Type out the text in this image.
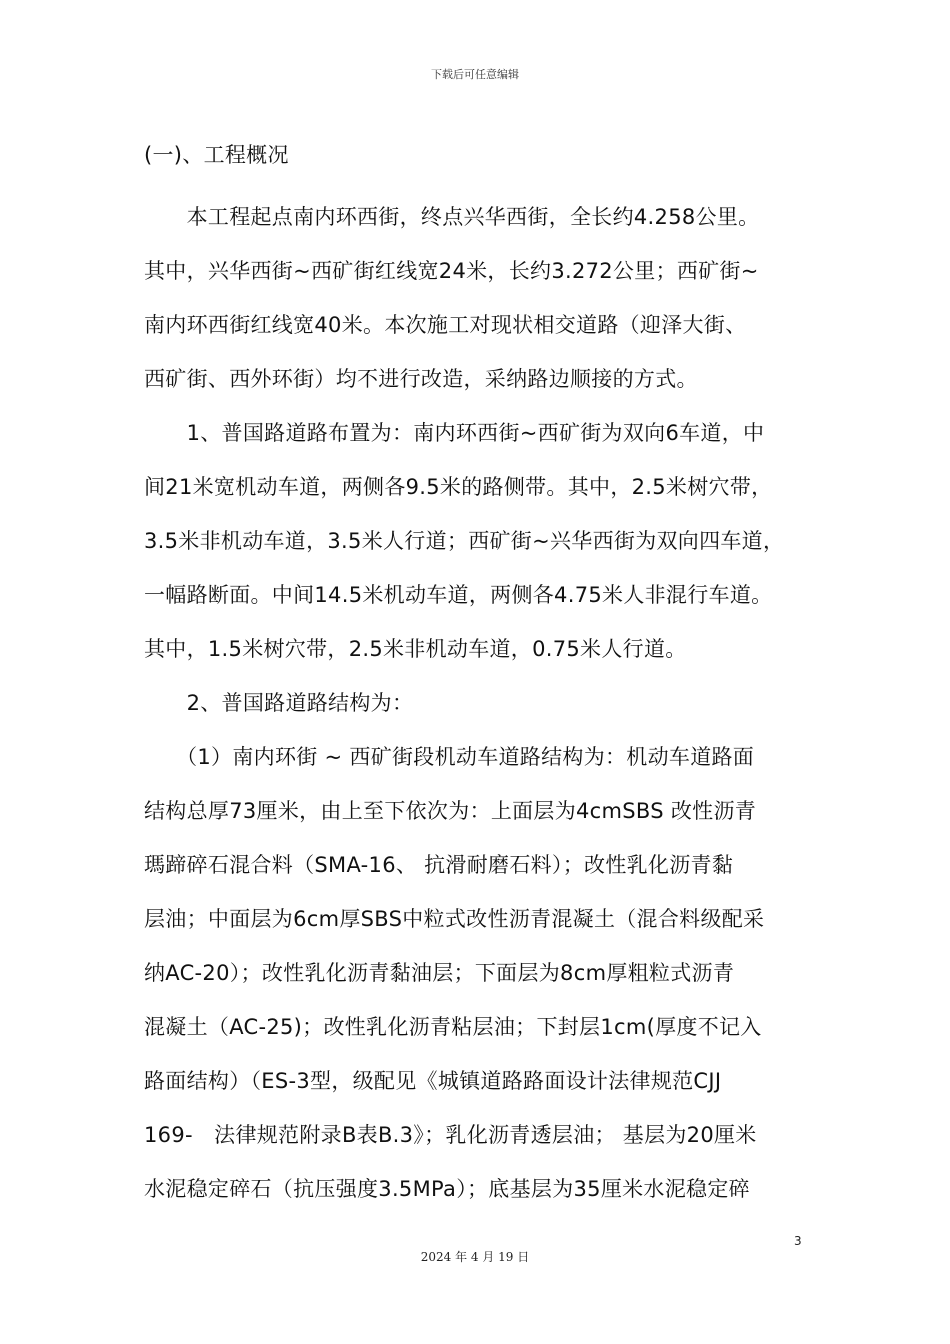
下载后可任意编辑

(一)、工程概况

　　本工程起点南内环西街，终点兴华西街，全长约4.258公里。

其中，兴华西街~西矿街红线宽24米，长约3.272公里；西矿街~

南内环西街红线宽40米。本次施工对现状相交道路（迎泽大街、

西矿街、西外环街）均不进行改造，采纳路边顺接的方式。

　　1、普国路道路布置为：南内环西街~西矿街为双向6车道，中

间21米宽机动车道，两侧各9.5米的路侧带。其中，2.5米树穴带，

3.5米非机动车道，3.5米人行道；西矿街~兴华西街为双向四车道，

一幅路断面。中间14.5米机动车道，两侧各4.75米人非混行车道。

其中，1.5米树穴带，2.5米非机动车道，0.75米人行道。

　　2、普国路道路结构为：

　　（1）南内环街 ~ 西矿街段机动车道路结构为：机动车道路面

结构总厚73厘米，由上至下依次为：上面层为4cmSBS 改性沥青

瑪蹄碎石混合料（SMA-16、 抗滑耐磨石料）；改性乳化沥青黏

层油；中面层为6cm厚SBS中粒式改性沥青混凝土（混合料级配采

纳AC-20）；改性乳化沥青黏油层；下面层为8cm厚粗粒式沥青

混凝土（AC-25)；改性乳化沥青粘层油；下封层1cm(厚度不记入

路面结构）（ES-3型，级配见《城镇道路路面设计法律规范CJJ

169-　法律规范附录B表B.3》；乳化沥青透层油； 基层为20厘米

水泥稳定碎石（抗压强度3.5MPa）；底基层为35厘米水泥稳定碎

3
2024 年 4 月 19 日
